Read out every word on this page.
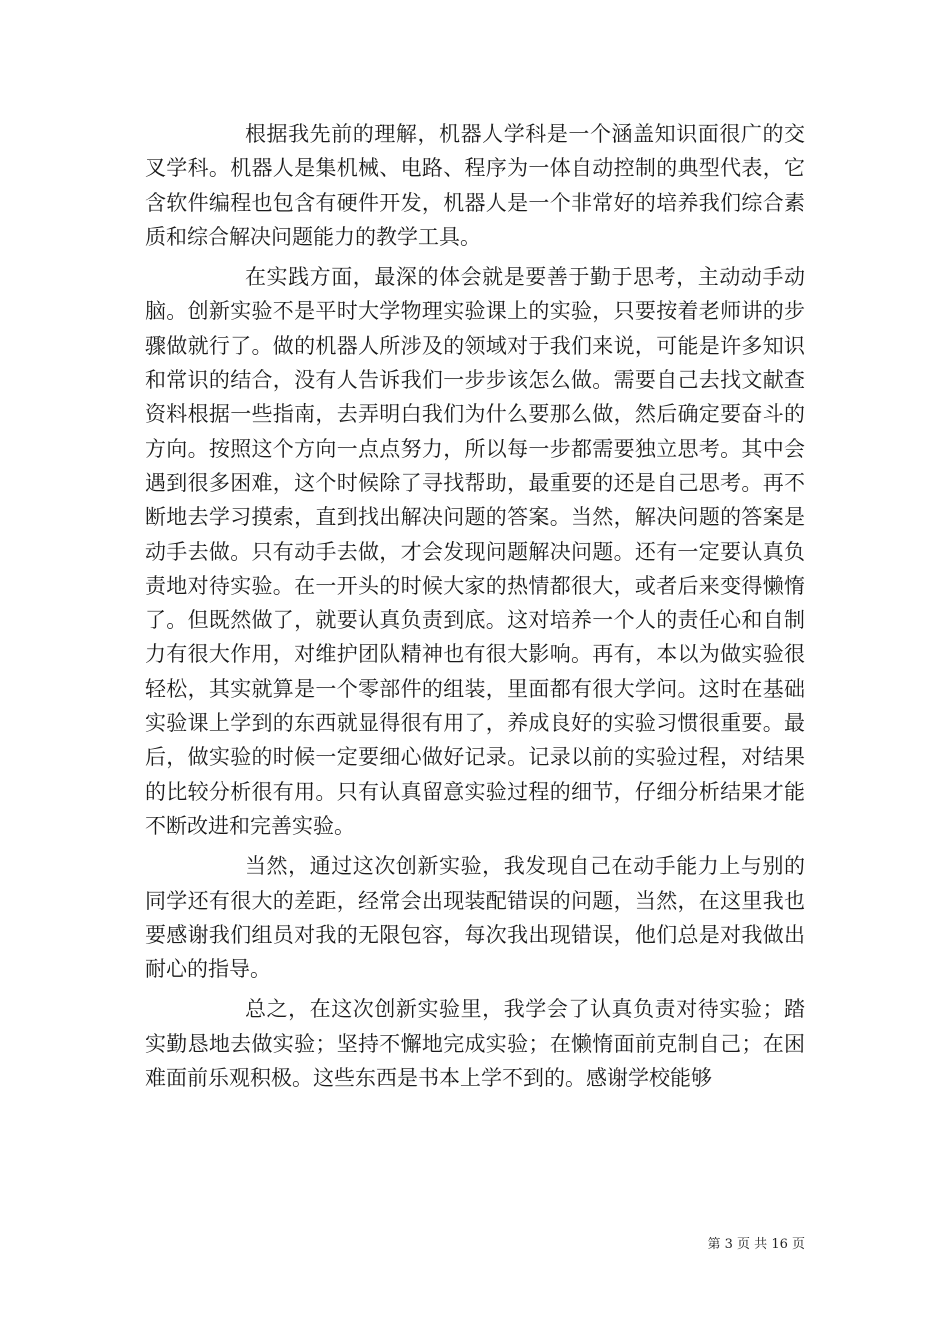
根据我先前的理解，机器人学科是一个涵盖知识面很广的交叉学科。机器人是集机械、电路、程序为一体自动控制的典型代表，它含软件编程也包含有硬件开发，机器人是一个非常好的培养我们综合素质和综合解决问题能力的教学工具。

在实践方面，最深的体会就是要善于勤于思考，主动动手动脑。创新实验不是平时大学物理实验课上的实验，只要按着老师讲的步骤做就行了。做的机器人所涉及的领域对于我们来说，可能是许多知识和常识的结合，没有人告诉我们一步步该怎么做。需要自己去找文献查资料根据一些指南，去弄明白我们为什么要那么做，然后确定要奋斗的方向。按照这个方向一点点努力，所以每一步都需要独立思考。其中会遇到很多困难，这个时候除了寻找帮助，最重要的还是自己思考。再不断地去学习摸索，直到找出解决问题的答案。当然，解决问题的答案是动手去做。只有动手去做，才会发现问题解决问题。还有一定要认真负责地对待实验。在一开头的时候大家的热情都很大，或者后来变得懒惰了。但既然做了，就要认真负责到底。这对培养一个人的责任心和自制力有很大作用，对维护团队精神也有很大影响。再有，本以为做实验很轻松，其实就算是一个零部件的组装，里面都有很大学问。这时在基础实验课上学到的东西就显得很有用了，养成良好的实验习惯很重要。最后，做实验的时候一定要细心做好记录。记录以前的实验过程，对结果的比较分析很有用。只有认真留意实验过程的细节，仔细分析结果才能不断改进和完善实验。

当然，通过这次创新实验，我发现自己在动手能力上与别的同学还有很大的差距，经常会出现装配错误的问题，当然，在这里我也要感谢我们组员对我的无限包容，每次我出现错误，他们总是对我做出耐心的指导。

总之，在这次创新实验里，我学会了认真负责对待实验；踏实勤恳地去做实验；坚持不懈地完成实验；在懒惰面前克制自己；在困难面前乐观积极。这些东西是书本上学不到的。感谢学校能够

第 3 页 共 16 页
